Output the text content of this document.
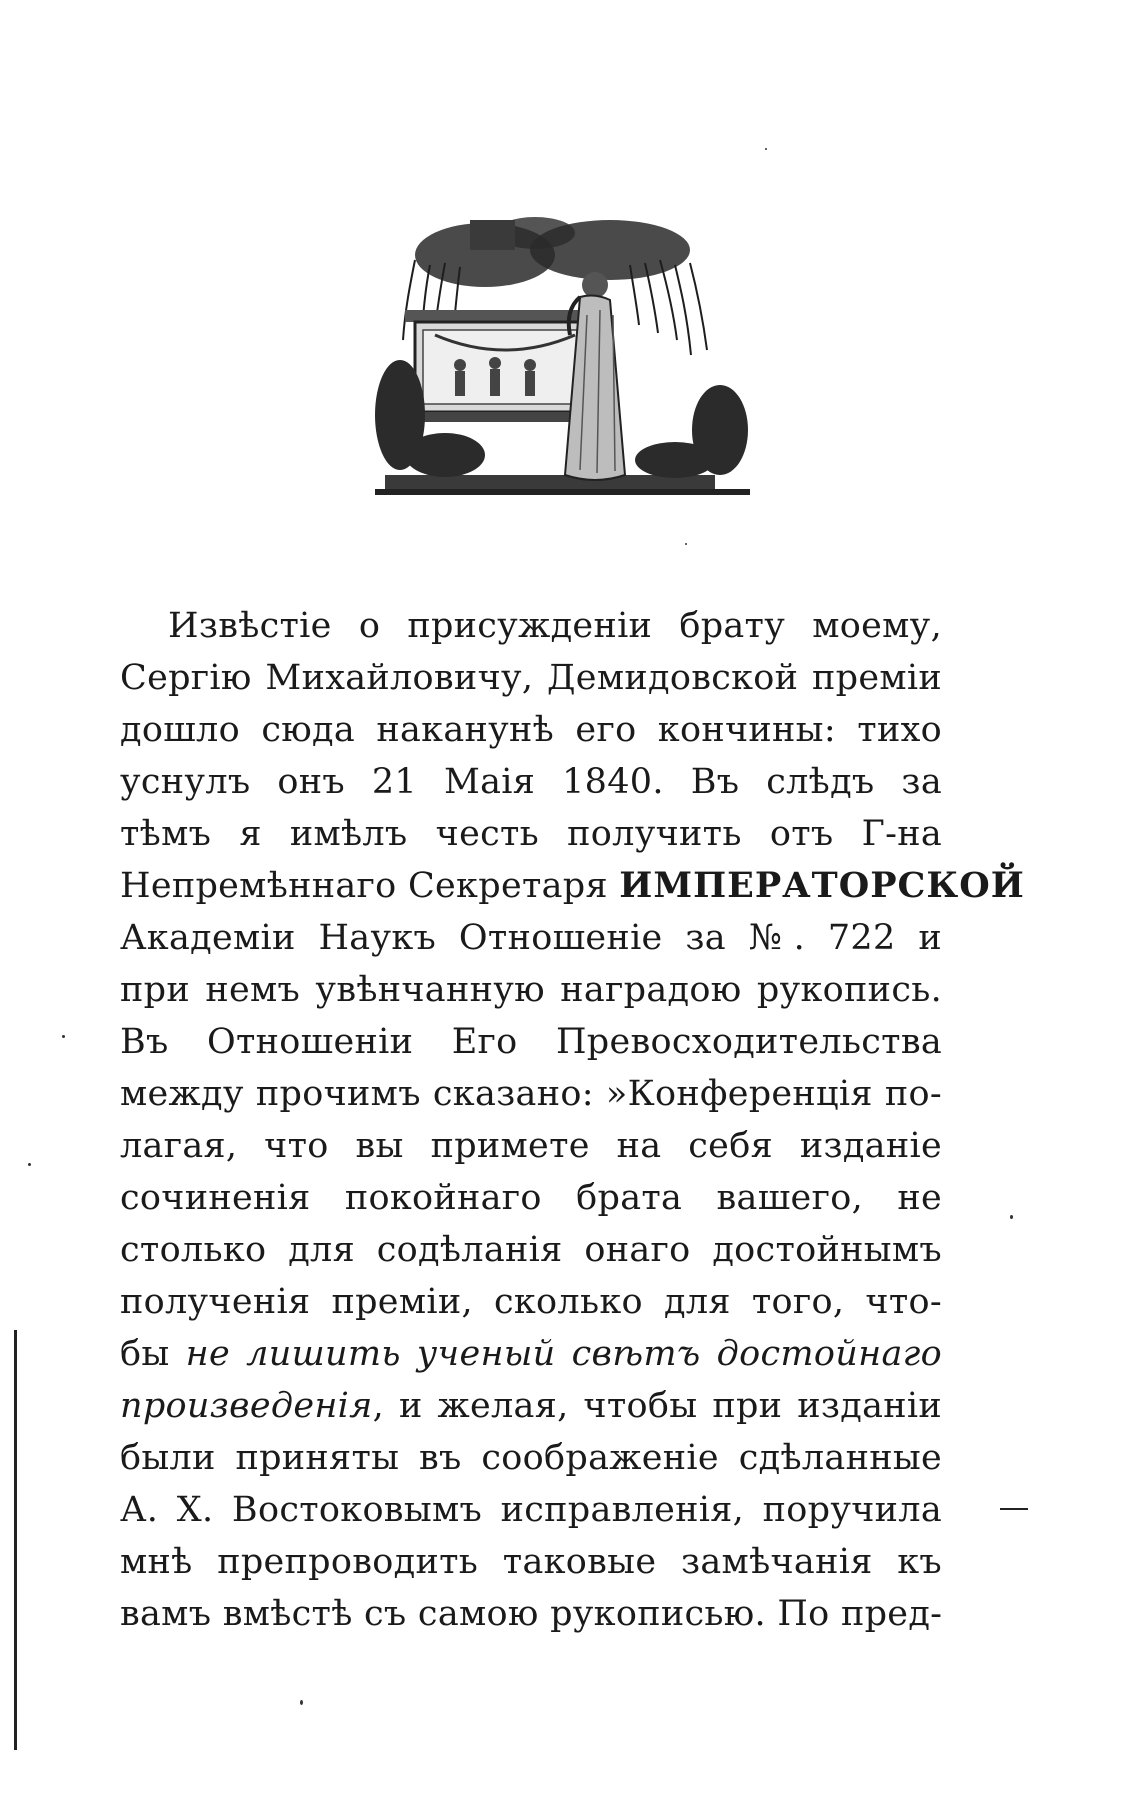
Извѣстіе о присужденіи брату моему,
Сергію Михайловичу, Демидовской преміи
дошло сюда наканунѣ его кончины: тихо
уснулъ онъ 21 Маія 1840. Въ слѣдъ за
тѣмъ я имѣлъ честь получить отъ Г-на
Непремѣннаго Секретаря ИМПЕРАТОРСКОЙ
Академіи Наукъ Отношеніе за №. 722 и
при немъ увѣнчанную наградою рукопись.
Въ Отношеніи Его Превосходительства
между прочимъ сказано: »Конференція по-
лагая, что вы примете на себя изданіе
сочиненія покойнаго брата вашего, не
столько для содѣланія онаго достойнымъ
полученія преміи, сколько для того, что-
бы не лишить ученый свѣтъ достойнаго
произведенія, и желая, чтобы при изданіи
были приняты въ соображеніе сдѣланные
А. Х. Востоковымъ исправленія, поручила
мнѣ препроводить таковые замѣчанія къ
вамъ вмѣстѣ съ самою рукописью. По пред-
